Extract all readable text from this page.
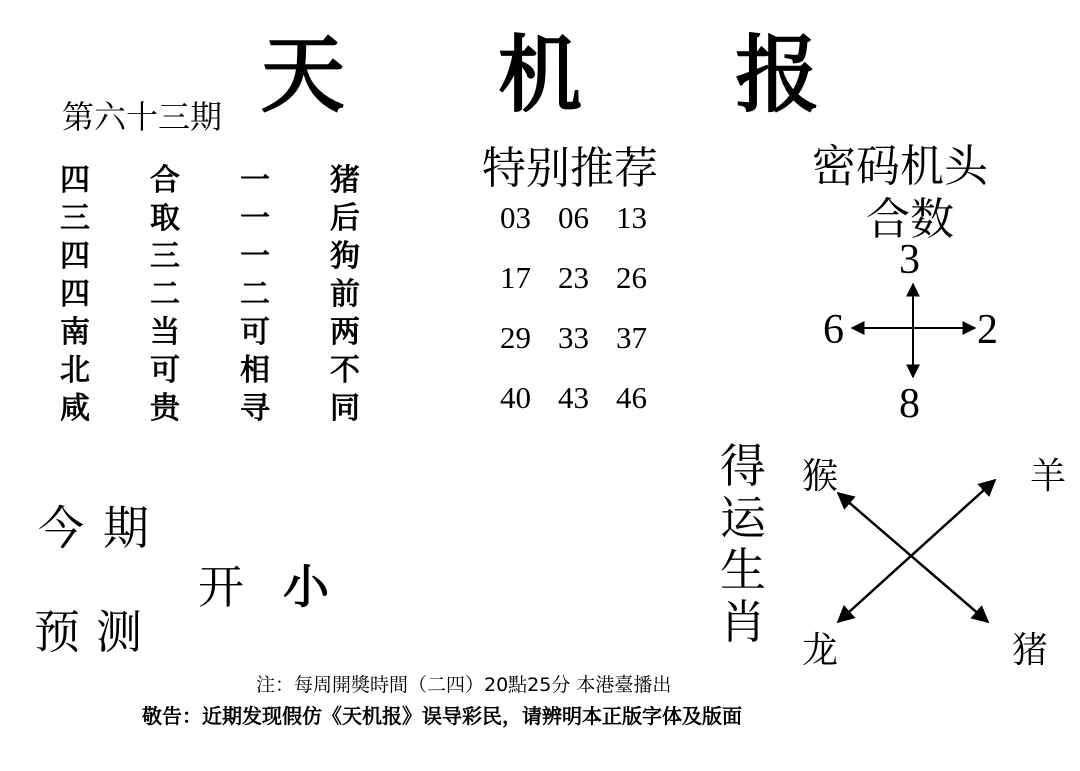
天 机 报
第六十三期
四	合	一	猪
三	取	一	后
四	三	一	狗
四	二	二	前
南	当	可	两
北	可	相	不
咸	贵	寻	同
特别推荐
03 06 13
17 23 26
29 33 37
40 43 46
密码机头
合数
3
6	2
8
今 期
预 测
开 小
得运生肖
猴	羊
龙	猪
注：每周開獎時間（二四）20點25分 本港臺播出
敬告：近期发现假仿《天机报》误导彩民，请辨明本正版字体及版面
